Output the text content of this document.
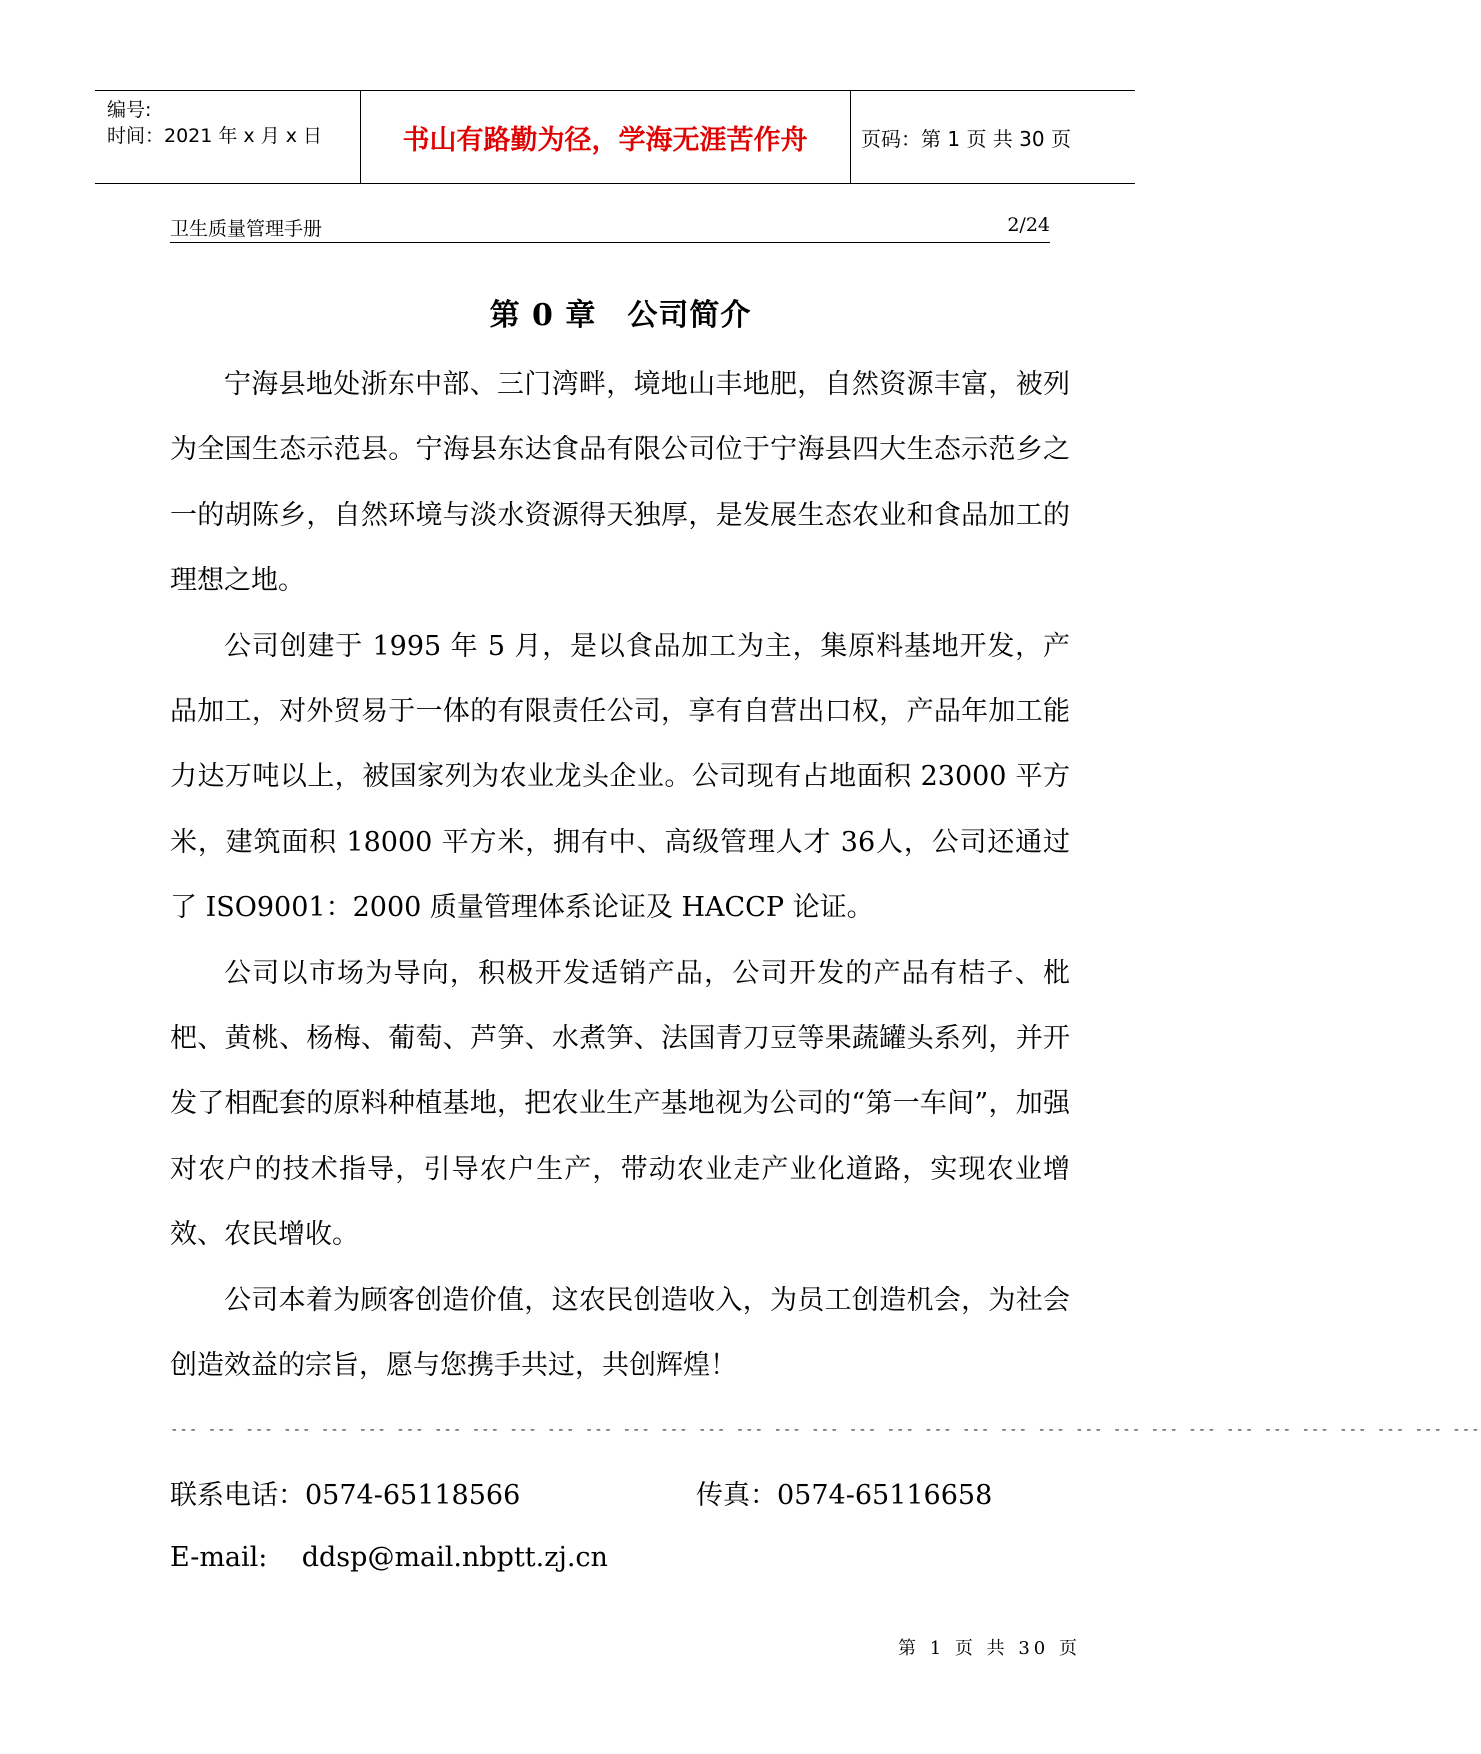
编号:
时间：2021 年 x 月 x 日	书山有路勤为径，学海无涯苦作舟	页码：第 1 页 共 30 页
卫生质量管理手册	2/24
第 0 章　公司简介

宁海县地处浙东中部、三门湾畔，境地山丰地肥，自然资源丰富，被列为全国生态示范县。宁海县东达食品有限公司位于宁海县四大生态示范乡之一的胡陈乡，自然环境与淡水资源得天独厚，是发展生态农业和食品加工的理想之地。

公司创建于 1995 年 5 月，是以食品加工为主，集原料基地开发，产品加工，对外贸易于一体的有限责任公司，享有自营出口权，产品年加工能力达万吨以上，被国家列为农业龙头企业。公司现有占地面积 23000 平方米，建筑面积 18000 平方米，拥有中、高级管理人才 36人，公司还通过了 ISO9001：2000 质量管理体系论证及 HACCP 论证。

公司以市场为导向，积极开发适销产品，公司开发的产品有桔子、枇杷、黄桃、杨梅、葡萄、芦笋、水煮笋、法国青刀豆等果蔬罐头系列，并开发了相配套的原料种植基地，把农业生产基地视为公司的“第一车间”，加强对农户的技术指导，引导农户生产，带动农业走产业化道路，实现农业增效、农民增收。

公司本着为顾客创造价值，这农民创造收入，为员工创造机会，为社会创造效益的宗旨，愿与您携手共过，共创辉煌！

--- --- --- --- --- --- --- --- --- --- --- --- --- --- --- --- --- --- --- --- --- --- --- --- --- --- --- --- --- --- --- --- --- --- ---
联系电话：0574-65118566	传真：0574-65116658
E-mail:    ddsp@mail.nbptt.zj.cn
第 1 页 共 30 页
